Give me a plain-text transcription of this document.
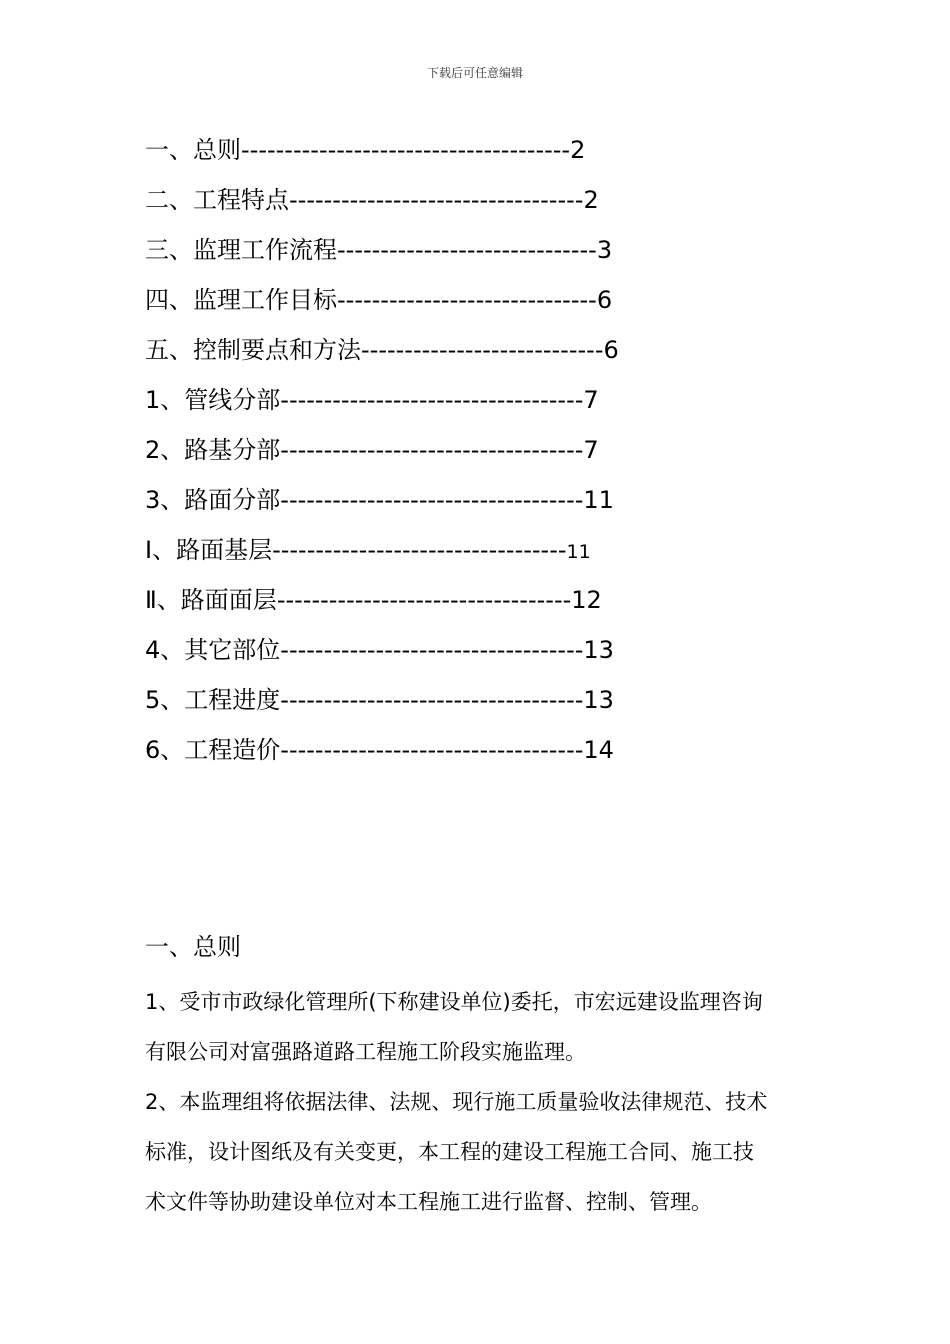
下载后可任意编辑
一、总则--------------------------------------2
二、工程特点----------------------------------2
三、监理工作流程------------------------------3
四、监理工作目标------------------------------6
五、控制要点和方法----------------------------6
1、管线分部-----------------------------------7
2、路基分部-----------------------------------7
3、路面分部-----------------------------------11
Ⅰ、路面基层----------------------------------11
Ⅱ、路面面层----------------------------------12
4、其它部位-----------------------------------13
5、工程进度-----------------------------------13
6、工程造价-----------------------------------14
一、总则
1、受市市政绿化管理所(下称建设单位)委托，市宏远建设监理咨询
有限公司对富强路道路工程施工阶段实施监理。
2、本监理组将依据法律、法规、现行施工质量验收法律规范、技术
标准，设计图纸及有关变更，本工程的建设工程施工合同、施工技
术文件等协助建设单位对本工程施工进行监督、控制、管理。
